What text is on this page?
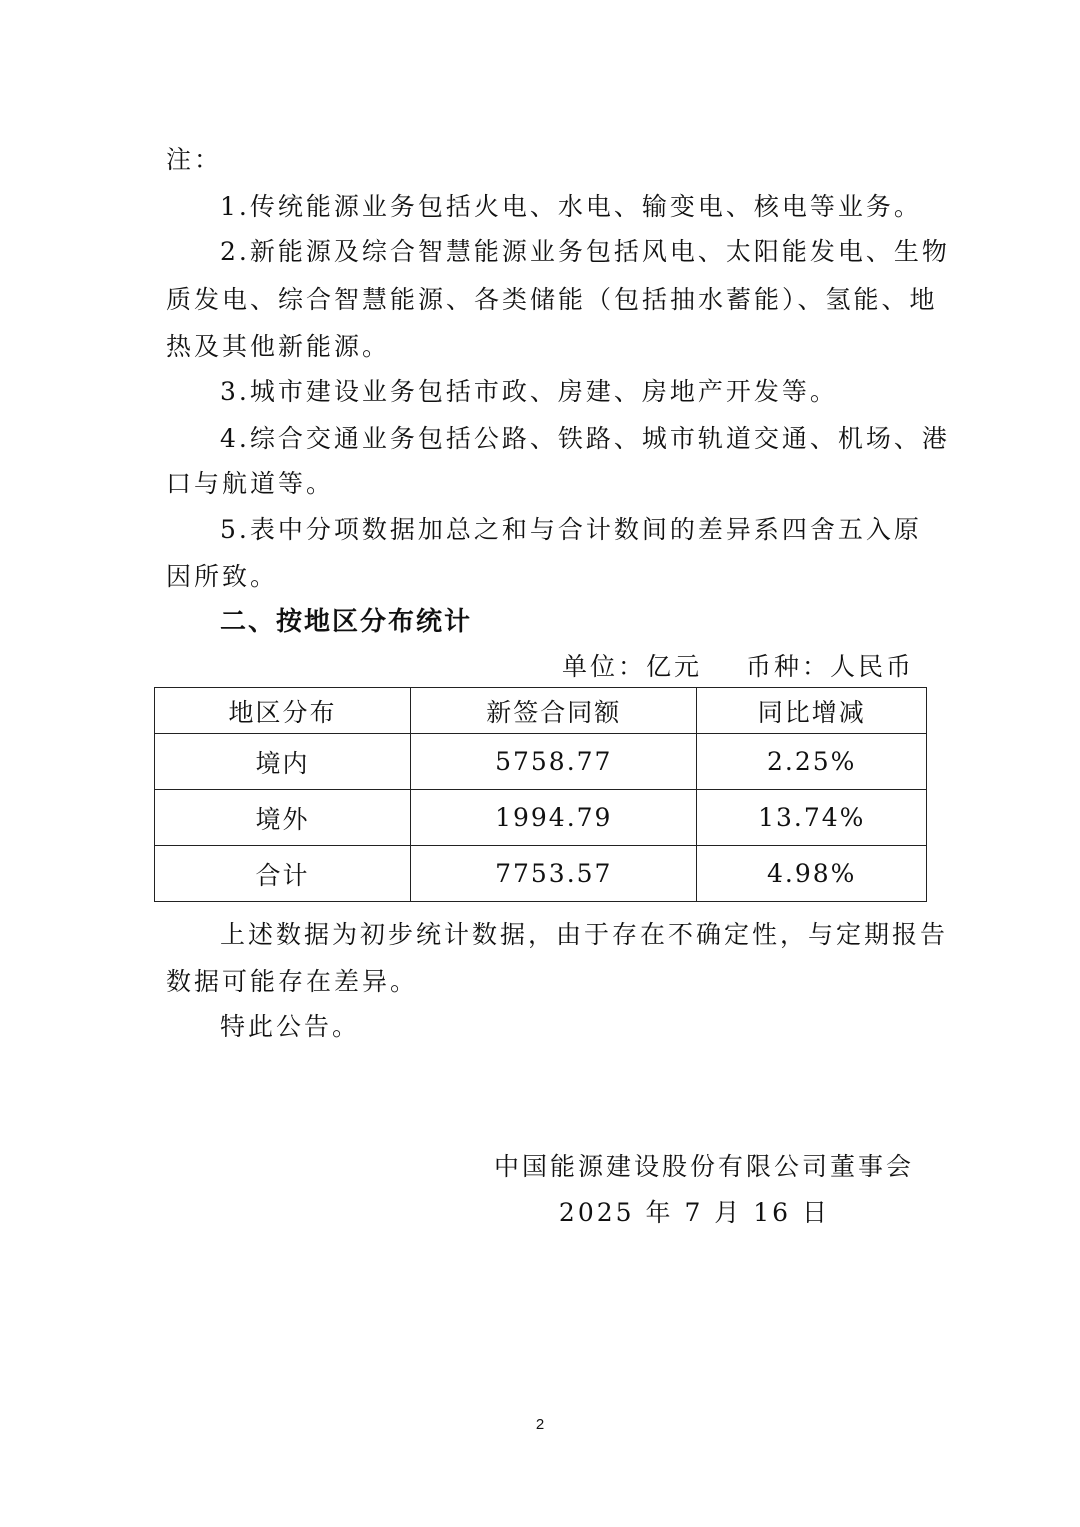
注：
1.传统能源业务包括火电、水电、输变电、核电等业务。
2.新能源及综合智慧能源业务包括风电、太阳能发电、生物
质发电、综合智慧能源、各类储能（包括抽水蓄能）、氢能、地
热及其他新能源。
3.城市建设业务包括市政、房建、房地产开发等。
4.综合交通业务包括公路、铁路、城市轨道交通、机场、港
口与航道等。
5.表中分项数据加总之和与合计数间的差异系四舍五入原
因所致。
二、按地区分布统计
单位：亿元 币种：人民币
地区分布	新签合同额	同比增减
境内	5758.77	2.25%
境外	1994.79	13.74%
合计	7753.57	4.98%
上述数据为初步统计数据，由于存在不确定性，与定期报告
数据可能存在差异。
特此公告。
中国能源建设股份有限公司董事会
2025 年 7 月 16 日
2
